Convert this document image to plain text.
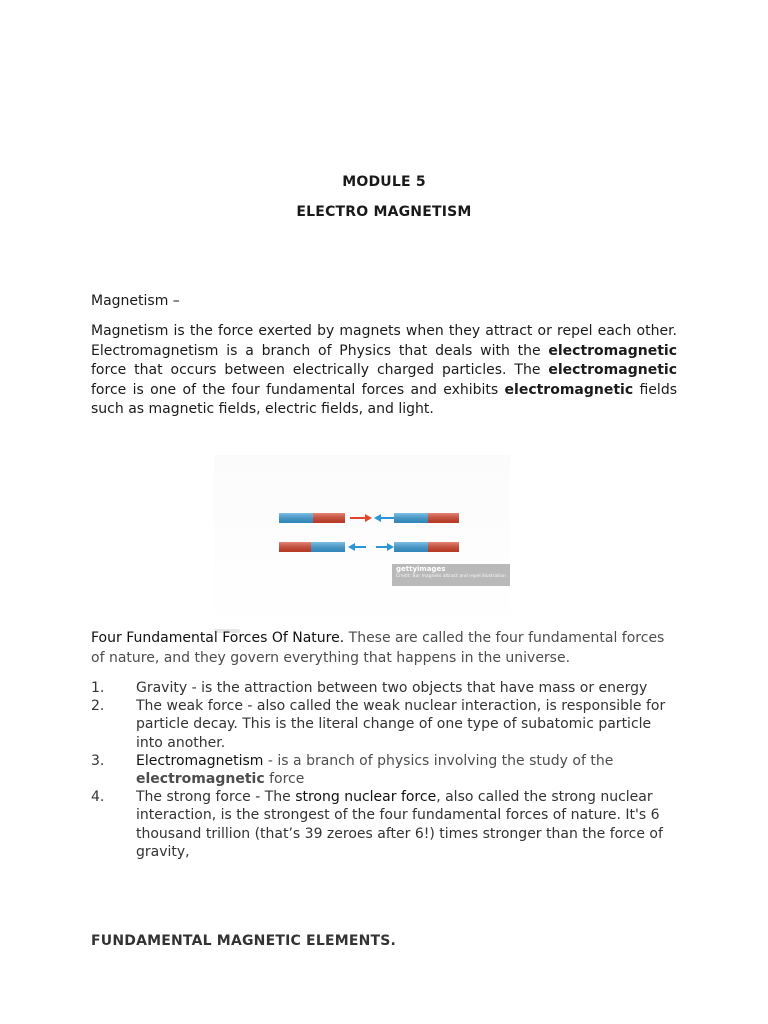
MODULE 5
ELECTRO MAGNETISM
Magnetism –
Magnetism is the force exerted by magnets when they attract or repel each other. Electromagnetism is a branch of Physics that deals with the electromagnetic force that occurs between electrically charged particles. The electromagnetic force is one of the four fundamental forces and exhibits electromagnetic fields such as magnetic fields, electric fields, and light.
gettyimages
Credit: Bar magnets attract and repel illustration
Four Fundamental Forces Of Nature. These are called the four fundamental forces of nature, and they govern everything that happens in the universe.
1. Gravity - is the attraction between two objects that have mass or energy
2. The weak force - also called the weak nuclear interaction, is responsible for particle decay. This is the literal change of one type of subatomic particle into another.
3. Electromagnetism - is a branch of physics involving the study of the electromagnetic force
4. The strong force - The strong nuclear force, also called the strong nuclear interaction, is the strongest of the four fundamental forces of nature. It's 6 thousand trillion (that’s 39 zeroes after 6!) times stronger than the force of gravity,
FUNDAMENTAL MAGNETIC ELEMENTS.
